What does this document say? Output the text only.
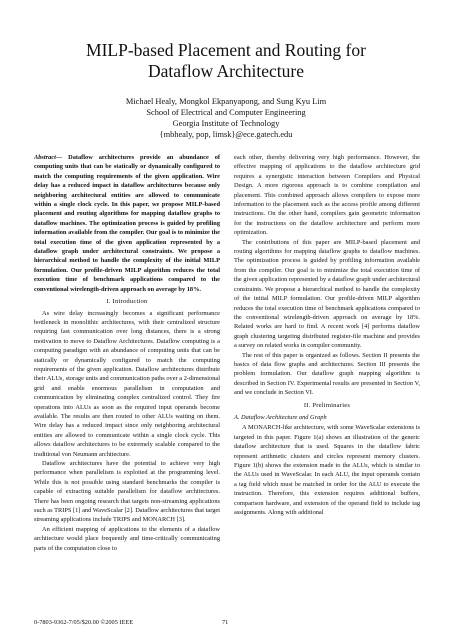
MILP-based Placement and Routing for
Dataflow Architecture
Michael Healy, Mongkol Ekpanyapong, and Sung Kyu Lim
School of Electrical and Computer Engineering
Georgia Institute of Technology
{mbhealy, pop, limsk}@ece.gatech.edu

Abstract— Dataflow architectures provide an abundance of computing units that can be statically or dynamically configured to match the computing requirements of the given application. Wire delay has a reduced impact in dataflow architectures because only neighboring architectural entities are allowed to communicate within a single clock cycle. In this paper, we propose MILP-based placement and routing algorithms for mapping dataflow graphs to dataflow machines. The optimization process is guided by profiling information available from the compiler. Our goal is to minimize the total execution time of the given application represented by a dataflow graph under architectural constraints. We propose a hierarchical method to handle the complexity of the initial MILP formulation. Our profile-driven MILP algorithm reduces the total execution time of benchmark applications compared to the conventional wirelength-driven approach on average by 18%.

I. Introduction

As wire delay increasingly becomes a significant performance bottleneck in monolithic architectures, with their centralized structure requiring fast communication over long distances, there is a strong motivation to move to Dataflow Architectures. Dataflow computing is a computing paradigm with an abundance of computing units that can be statically or dynamically configured to match the computing requirements of the given application. Dataflow architectures distribute their ALUs, storage units and communication paths over a 2-dimensional grid and enable enormous parallelism in computation and communication by eliminating complex centralized control. They fire operations into ALUs as soon as the required input operands become available. The results are then routed to other ALUs waiting on them. Wire delay has a reduced impact since only neighboring architectural entities are allowed to communicate within a single clock cycle. This allows dataflow architectures to be extremely scalable compared to the traditional von Neumann architecture.

Dataflow architectures have the potential to achieve very high performance when parallelism is exploited at the programming level. While this is not possible using standard benchmarks the compiler is capable of extracting suitable parallelism for dataflow architectures. There has been ongoing research that targets non-streaming applications such as TRIPS [1] and WaveScalar [2]. Dataflow architectures that target streaming applications include TRIPS and MONARCH [3].

An efficient mapping of applications to the elements of a dataflow architecture would place frequently and time-critically communicating parts of the computation close to

each other, thereby delivering very high performance. However, the effective mapping of applications to the dataflow architecture grid requires a synergistic interaction between Compilers and Physical Design. A more rigorous approach is to combine compilation and placement. This combined approach allows compilers to expose more information to the placement such as the access profile among different instructions. On the other hand, compilers gain geometric information for the instructions on the dataflow architecture and perform more optimization.

The contributions of this paper are MILP-based placement and routing algorithms for mapping dataflow graphs to dataflow machines. The optimization process is guided by profiling information available from the compiler. Our goal is to minimize the total execution time of the given application represented by a dataflow graph under architectural constraints. We propose a hierarchical method to handle the complexity of the initial MILP formulation. Our profile-driven MILP algorithm reduces the total execution time of benchmark applications compared to the conventional wirelength-driven approach on average by 18%. Related works are hard to find. A recent work [4] performs dataflow graph clustering targeting distributed register-file machine and provides a survey on related works in compiler community.

The rest of this paper is organized as follows. Section II presents the basics of data flow graphs and architectures. Section III presents the problem formulation. Our dataflow graph mapping algorithm is described in Section IV. Experimental results are presented in Section V, and we conclude in Section VI.

II. Preliminaries
A. Dataflow Architecture and Graph

A MONARCH-like architecture, with some WaveScalar extensions is targeted in this paper. Figure 1(a) shows an illustration of the generic dataflow architecture that is used. Squares in the dataflow fabric represent arithmetic clusters and circles represent memory clusters. Figure 1(b) shows the extension made to the ALUs, which is similar to the ALUs used in WaveScalar. In each ALU, the input operands contain a tag field which must be matched in order for the ALU to execute the instruction. Therefore, this extension requires additional buffers, comparison hardware, and extension of the operand field to include tag assignments. Along with additional

0-7803-9362-7/05/$20.00 ©2005 IEEE	71
